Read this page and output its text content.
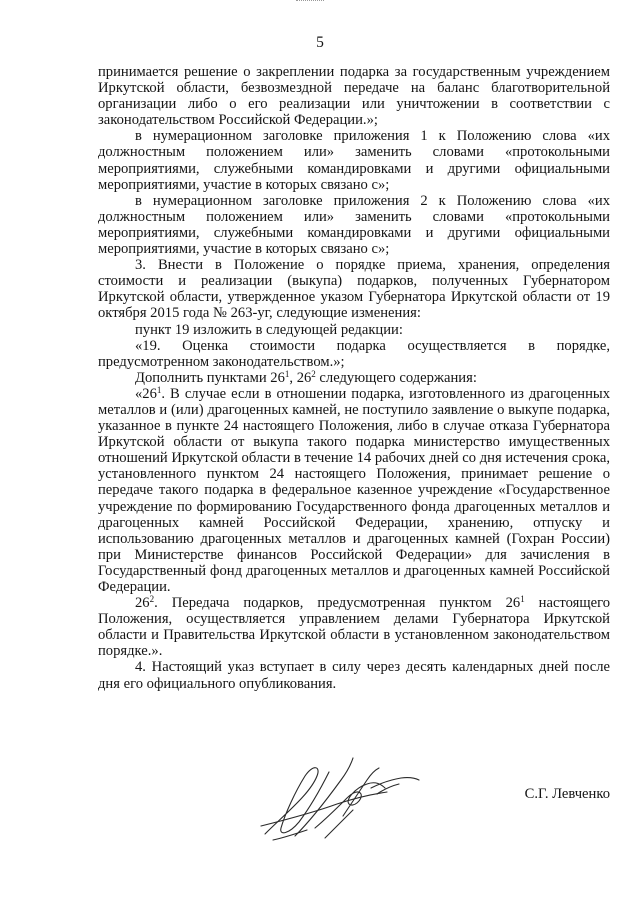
5

принимается решение о закреплении подарка за государственным учреждением Иркутской области, безвозмездной передаче на баланс благотворительной организации либо о его реализации или уничтожении в соответствии с законодательством Российской Федерации.»;

в нумерационном заголовке приложения 1 к Положению слова «их должностным положением или» заменить словами «протокольными мероприятиями, служебными командировками и другими официальными мероприятиями, участие в которых связано с»;

в нумерационном заголовке приложения 2 к Положению слова «их должностным положением или» заменить словами «протокольными мероприятиями, служебными командировками и другими официальными мероприятиями, участие в которых связано с»;

3. Внести в Положение о порядке приема, хранения, определения стоимости и реализации (выкупа) подарков, полученных Губернатором Иркутской области, утвержденное указом Губернатора Иркутской области от 19 октября 2015 года № 263-уг, следующие изменения:

пункт 19 изложить в следующей редакции:

«19. Оценка стоимости подарка осуществляется в порядке, предусмотренном законодательством.»;

Дополнить пунктами $26^1$, $26^2$ следующего содержания:

«$26^1$. В случае если в отношении подарка, изготовленного из драгоценных металлов и (или) драгоценных камней, не поступило заявление о выкупе подарка, указанное в пункте 24 настоящего Положения, либо в случае отказа Губернатора Иркутской области от выкупа такого подарка министерство имущественных отношений Иркутской области в течение 14 рабочих дней со дня истечения срока, установленного пунктом 24 настоящего Положения, принимает решение о передаче такого подарка в федеральное казенное учреждение «Государственное учреждение по формированию Государственного фонда драгоценных металлов и драгоценных камней Российской Федерации, хранению, отпуску и использованию драгоценных металлов и драгоценных камней (Гохран России) при Министерстве финансов Российской Федерации» для зачисления в Государственный фонд драгоценных металлов и драгоценных камней Российской Федерации.

$26^2$. Передача подарков, предусмотренная пунктом $26^1$ настоящего Положения, осуществляется управлением делами Губернатора Иркутской области и Правительства Иркутской области в установленном законодательством порядке.».

4. Настоящий указ вступает в силу через десять календарных дней после дня его официального опубликования.

С.Г. Левченко
